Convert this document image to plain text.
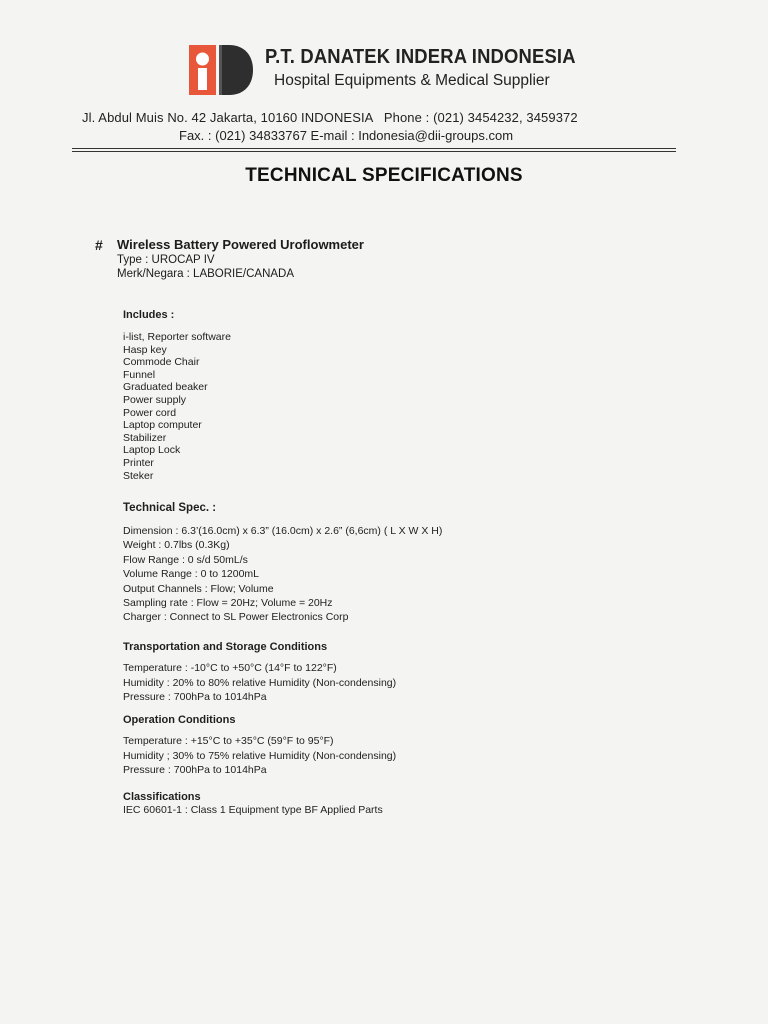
P.T. DANATEK INDERA INDONESIA
Hospital Equipments & Medical Supplier
Jl. Abdul Muis No. 42 Jakarta, 10160 INDONESIA   Phone : (021) 3454232, 3459372
Fax. : (021) 34833767 E-mail : Indonesia@dii-groups.com
TECHNICAL SPECIFICATIONS
# Wireless Battery Powered Uroflowmeter
Type : UROCAP IV
Merk/Negara : LABORIE/CANADA
Includes :
i-list, Reporter software
Hasp key
Commode Chair
Funnel
Graduated beaker
Power supply
Power cord
Laptop computer
Stabilizer
Laptop Lock
Printer
Steker
Technical Spec. :
Dimension : 6.3’(16.0cm) x 6.3” (16.0cm) x 2.6” (6,6cm) ( L X W X H)
Weight : 0.7lbs (0.3Kg)
Flow Range : 0 s/d 50mL/s
Volume Range : 0 to 1200mL
Output Channels : Flow; Volume
Sampling rate : Flow = 20Hz; Volume = 20Hz
Charger : Connect to SL Power Electronics Corp
Transportation and Storage Conditions
Temperature : -10°C to +50°C (14°F to 122°F)
Humidity : 20% to 80% relative Humidity (Non-condensing)
Pressure : 700hPa to 1014hPa
Operation Conditions
Temperature : +15°C to +35°C (59°F to 95°F)
Humidity ; 30% to 75% relative Humidity (Non-condensing)
Pressure : 700hPa to 1014hPa
Classifications
IEC 60601-1 : Class 1 Equipment type BF Applied Parts
